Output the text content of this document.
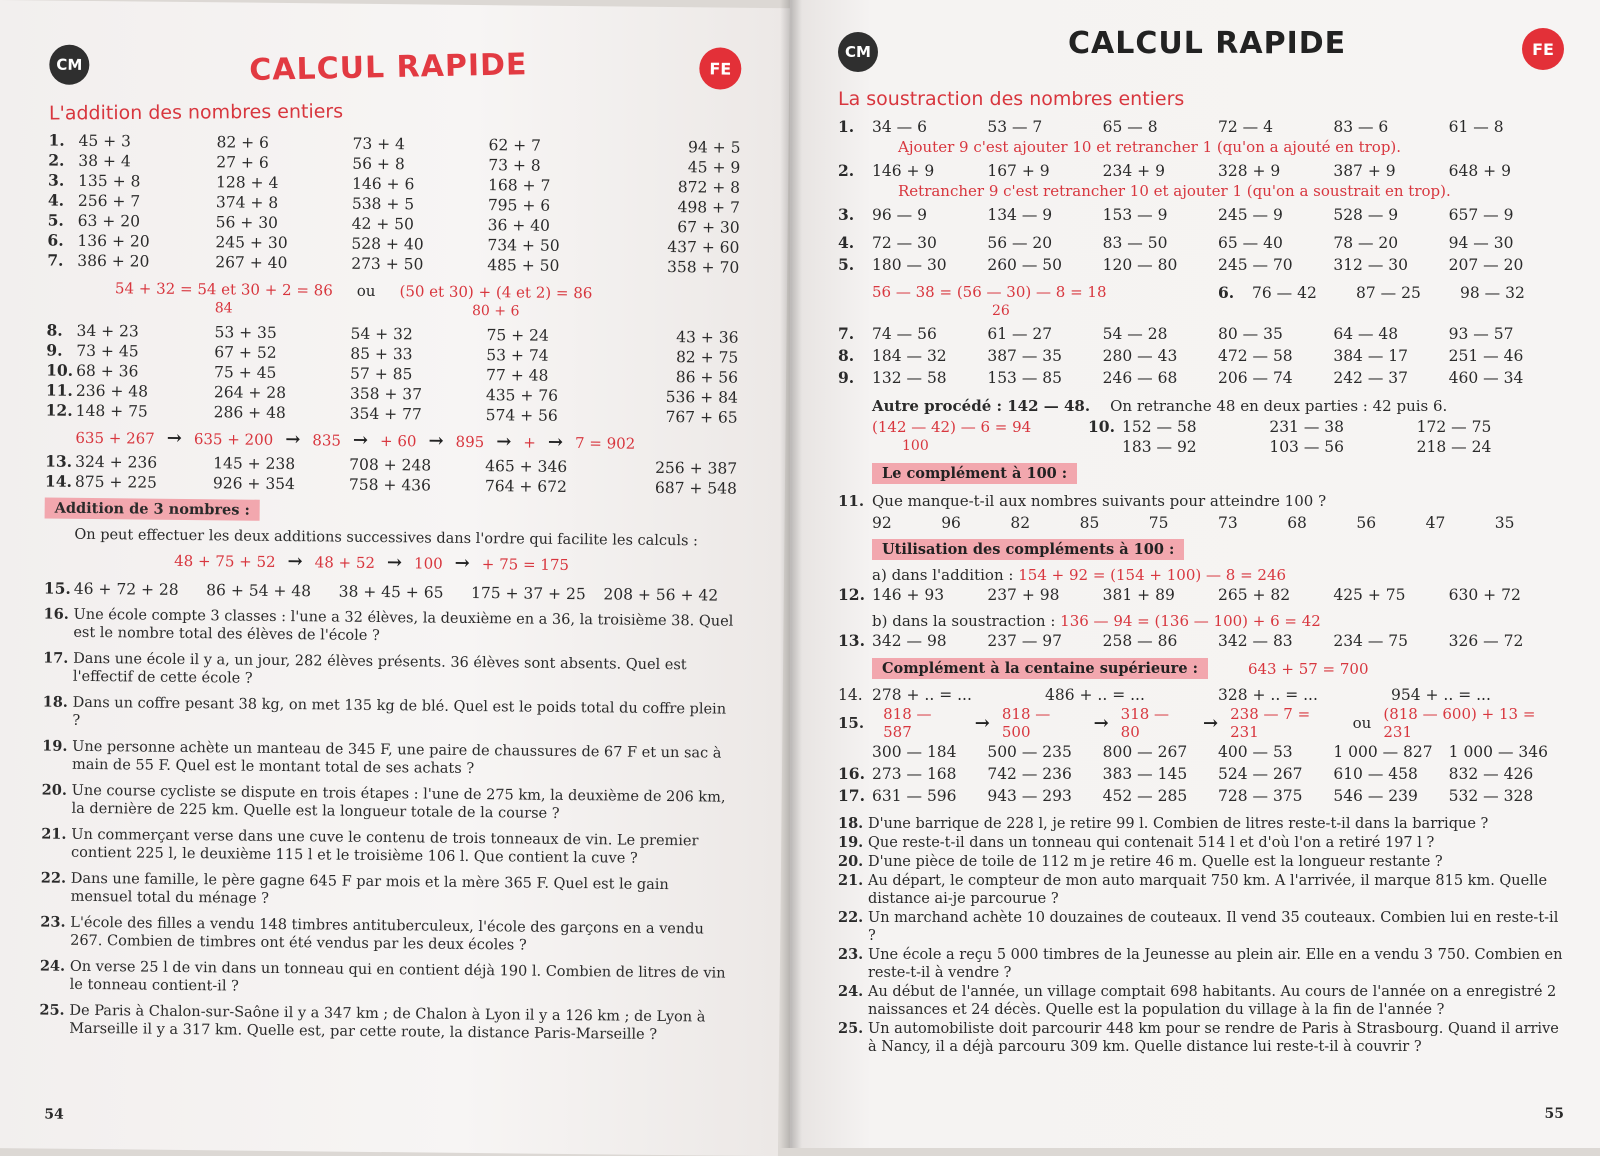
CM	CALCUL RAPIDE	FE
L'addition des nombres entiers
1. 45 + 3	82 + 6	73 + 4	62 + 7	94 + 5
2. 38 + 4	27 + 6	56 + 8	73 + 8	45 + 9
3. 135 + 8	128 + 4	146 + 6	168 + 7	872 + 8
4. 256 + 7	374 + 8	538 + 5	795 + 6	498 + 7
5. 63 + 20	56 + 30	42 + 50	36 + 40	67 + 30
6. 136 + 20	245 + 30	528 + 40	734 + 50	437 + 60
7. 386 + 20	267 + 40	273 + 50	485 + 50	358 + 70
54 + 32 = 54 et 30 + 2 = 86
84
ou (50 et 30) + (4 et 2) = 86
80 + 6
8. 34 + 23	53 + 35	54 + 32	75 + 24	43 + 36
9. 73 + 45	67 + 52	85 + 33	53 + 74	82 + 75
10. 68 + 36	75 + 45	57 + 85	77 + 48	86 + 56
11. 236 + 48	264 + 28	358 + 37	435 + 76	536 + 84
12. 148 + 75	286 + 48	354 + 77	574 + 56	767 + 65
635 + 267 → 635 + 200 → 835 → + 60 → 895 → + → 7 = 902
13. 324 + 236	145 + 238	708 + 248	465 + 346	256 + 387
14. 875 + 225	926 + 354	758 + 436	764 + 672	687 + 548
Addition de 3 nombres :
On peut effectuer les deux additions successives dans l'ordre qui facilite les calculs :
48 + 75 + 52 → 48 + 52 → 100 → + 75 = 175
15. 46 + 72 + 28	86 + 54 + 48	38 + 45 + 65	175 + 37 + 25	208 + 56 + 42
16. Une école compte 3 classes : l'une a 32 élèves, la deuxième en a 36, la troisième 38. Quel est le nombre total des élèves de l'école ?
17. Dans une école il y a, un jour, 282 élèves présents. 36 élèves sont absents. Quel est l'effectif de cette école ?
18. Dans un coffre pesant 38 kg, on met 135 kg de blé. Quel est le poids total du coffre plein ?
19. Une personne achète un manteau de 345 F, une paire de chaussures de 67 F et un sac à main de 55 F. Quel est le montant total de ses achats ?
20. Une course cycliste se dispute en trois étapes : l'une de 275 km, la deuxième de 206 km, la dernière de 225 km. Quelle est la longueur totale de la course ?
21. Un commerçant verse dans une cuve le contenu de trois tonneaux de vin. Le premier contient 225 l, le deuxième 115 l et le troisième 106 l. Que contient la cuve ?
22. Dans une famille, le père gagne 645 F par mois et la mère 365 F. Quel est le gain mensuel total du ménage ?
23. L'école des filles a vendu 148 timbres antituberculeux, l'école des garçons en a vendu 267. Combien de timbres ont été vendus par les deux écoles ?
24. On verse 25 l de vin dans un tonneau qui en contient déjà 190 l. Combien de litres de vin le tonneau contient-il ?
25. De Paris à Chalon-sur-Saône il y a 347 km ; de Chalon à Lyon il y a 126 km ; de Lyon à Marseille il y a 317 km. Quelle est, par cette route, la distance Paris-Marseille ?
54
CM	CALCUL RAPIDE	FE
La soustraction des nombres entiers
1.	34 — 6	53 — 7	65 — 8	72 — 4	83 — 6	61 — 8
Ajouter 9 c'est ajouter 10 et retrancher 1 (qu'on a ajouté en trop).
2.	146 + 9	167 + 9	234 + 9	328 + 9	387 + 9	648 + 9
Retrancher 9 c'est retrancher 10 et ajouter 1 (qu'on a soustrait en trop).
3.	96 — 9	134 — 9	153 — 9	245 — 9	528 — 9	657 — 9
4.	72 — 30	56 — 20	83 — 50	65 — 40	78 — 20	94 — 30
5.	180 — 30	260 — 50	120 — 80	245 — 70	312 — 30	207 — 20
56 — 38 = (56 — 30) — 8 = 18
26
6.	76 — 42	87 — 25	98 — 32
7.	74 — 56	61 — 27	54 — 28	80 — 35	64 — 48	93 — 57
8.	184 — 32	387 — 35	280 — 43	472 — 58	384 — 17	251 — 46
9.	132 — 58	153 — 85	246 — 68	206 — 74	242 — 37	460 — 34
Autre procédé : 142 — 48. On retranche 48 en deux parties : 42 puis 6.
(142 — 42) — 6 = 94
100
10. 152 — 58	231 — 38	172 — 75
183 — 92	103 — 56	218 — 24
Le complément à 100 :
11. Que manque-t-il aux nombres suivants pour atteindre 100 ?
92	96	82	85	75	73	68	56	47	35
Utilisation des compléments à 100 :
a) dans l'addition : 154 + 92 = (154 + 100) — 8 = 246
12. 146 + 93	237 + 98	381 + 89	265 + 82	425 + 75	630 + 72
b) dans la soustraction : 136 — 94 = (136 — 100) + 6 = 42
13. 342 — 98	237 — 97	258 — 86	342 — 83	234 — 75	326 — 72
Complément à la centaine supérieure :	643 + 57 = 700
14. 278 + .. = ...	486 + .. = ...	328 + .. = ...	954 + .. = ...
15.	818 — 587	→ 818 — 500	→ 318 — 80	→ 238 — 7 = 231	ou (818 — 600) + 13 = 231
300 — 184	500 — 235	800 — 267	400 — 53	1 000 — 827	1 000 — 346
16. 273 — 168	742 — 236	383 — 145	524 — 267	610 — 458	832 — 426
17. 631 — 596	943 — 293	452 — 285	728 — 375	546 — 239	532 — 328
18. D'une barrique de 228 l, je retire 99 l. Combien de litres reste-t-il dans la barrique ?
19. Que reste-t-il dans un tonneau qui contenait 514 l et d'où l'on a retiré 197 l ?
20. D'une pièce de toile de 112 m je retire 46 m. Quelle est la longueur restante ?
21. Au départ, le compteur de mon auto marquait 750 km. A l'arrivée, il marque 815 km. Quelle distance ai-je parcourue ?
22. Un marchand achète 10 douzaines de couteaux. Il vend 35 couteaux. Combien lui en reste-t-il ?
23. Une école a reçu 5 000 timbres de la Jeunesse au plein air. Elle en a vendu 3 750. Combien en reste-t-il à vendre ?
24. Au début de l'année, un village comptait 698 habitants. Au cours de l'année on a enregistré 2 naissances et 24 décès. Quelle est la population du village à la fin de l'année ?
25. Un automobiliste doit parcourir 448 km pour se rendre de Paris à Strasbourg. Quand il arrive à Nancy, il a déjà parcouru 309 km. Quelle distance lui reste-t-il à couvrir ?
55
